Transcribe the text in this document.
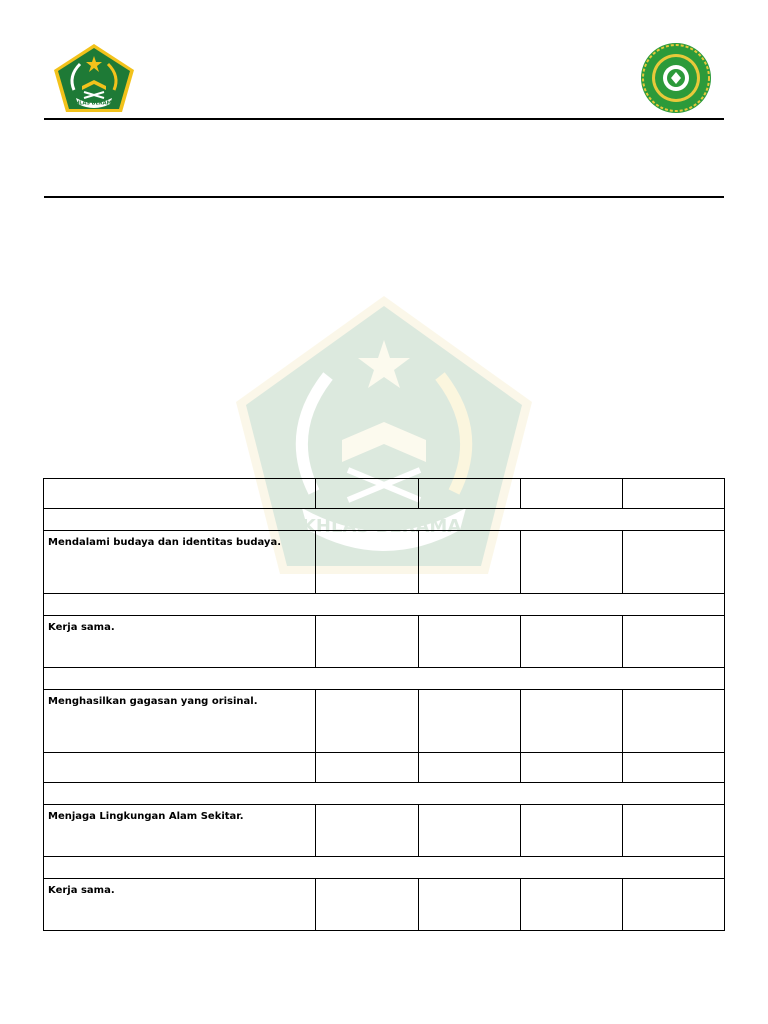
IKHLAS BERAMAL
IKHLAS BERAMAL

Mendalami budaya dan identitas budaya.				

Kerja sama.				

Menghasilkan gagasan yang orisinal.				

Menjaga Lingkungan Alam Sekitar.				

Kerja sama.				
